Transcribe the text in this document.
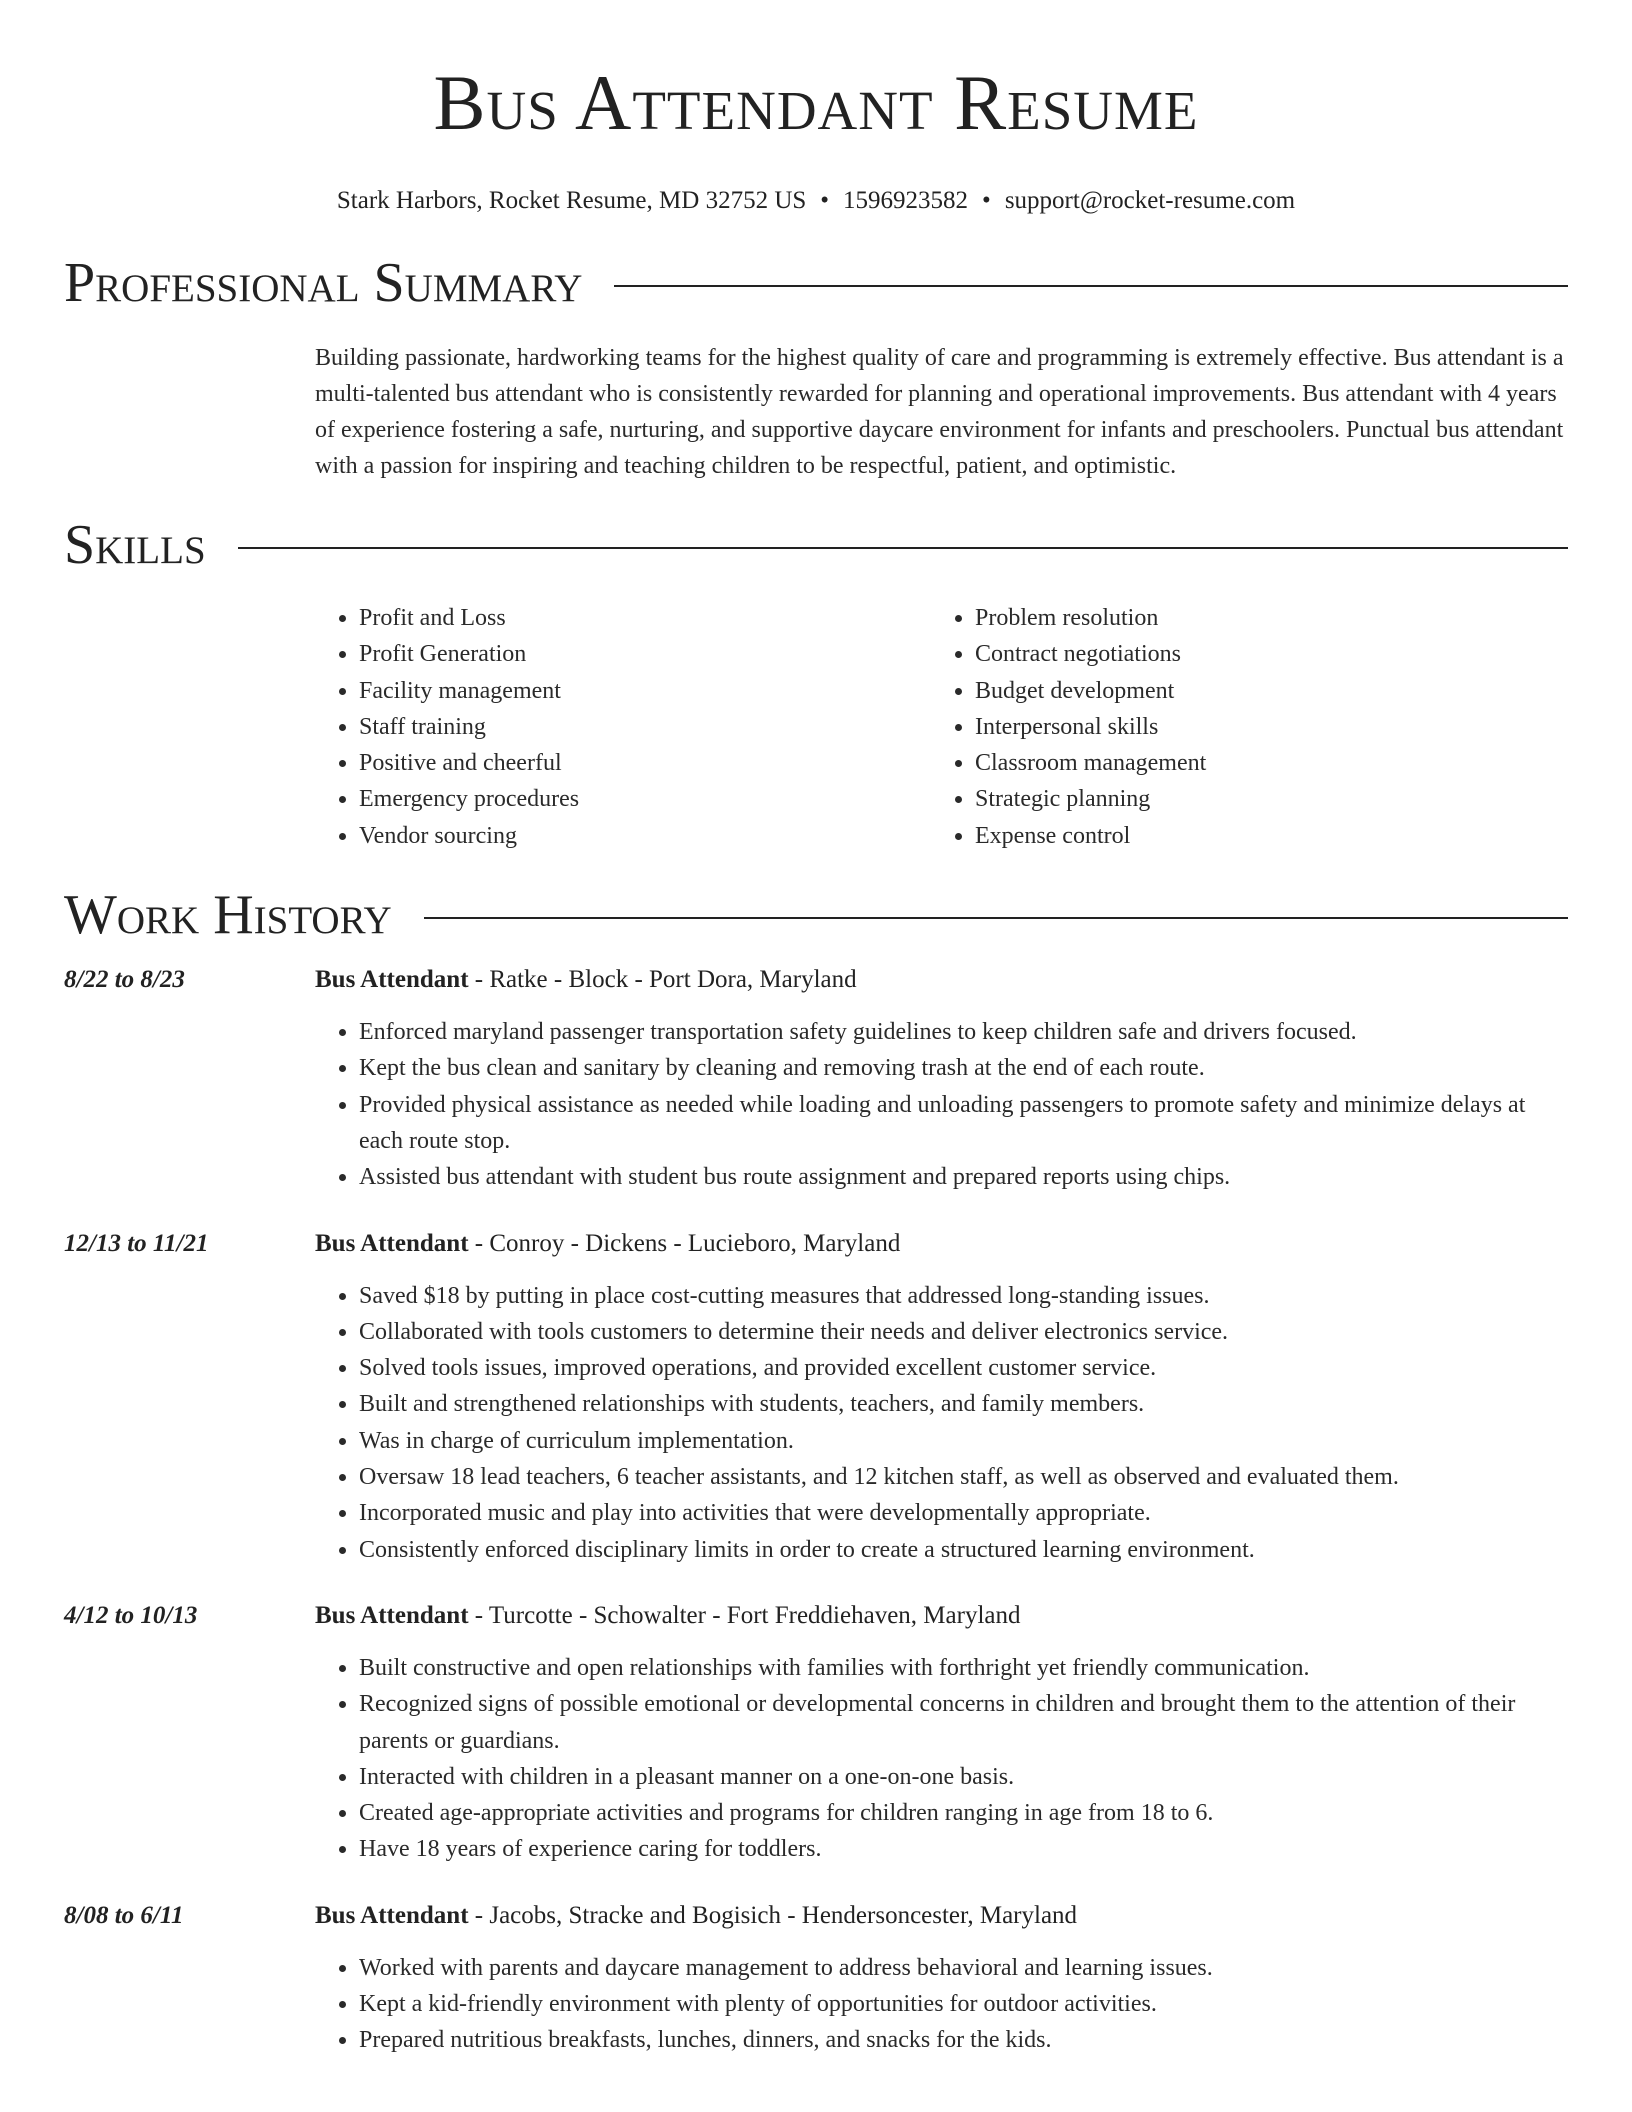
Bus Attendant Resume
Stark Harbors, Rocket Resume, MD 32752 US • 1596923582 • support@rocket-resume.com
Professional Summary
Building passionate, hardworking teams for the highest quality of care and programming is extremely effective. Bus attendant is a multi-talented bus attendant who is consistently rewarded for planning and operational improvements. Bus attendant with 4 years of experience fostering a safe, nurturing, and supportive daycare environment for infants and preschoolers. Punctual bus attendant with a passion for inspiring and teaching children to be respectful, patient, and optimistic.
Skills
• Profit and Loss
• Profit Generation
• Facility management
• Staff training
• Positive and cheerful
• Emergency procedures
• Vendor sourcing
• Problem resolution
• Contract negotiations
• Budget development
• Interpersonal skills
• Classroom management
• Strategic planning
• Expense control
Work History
8/22 to 8/23	Bus Attendant - Ratke - Block - Port Dora, Maryland
• Enforced maryland passenger transportation safety guidelines to keep children safe and drivers focused.
• Kept the bus clean and sanitary by cleaning and removing trash at the end of each route.
• Provided physical assistance as needed while loading and unloading passengers to promote safety and minimize delays at each route stop.
• Assisted bus attendant with student bus route assignment and prepared reports using chips.
12/13 to 11/21	Bus Attendant - Conroy - Dickens - Lucieboro, Maryland
• Saved $18 by putting in place cost-cutting measures that addressed long-standing issues.
• Collaborated with tools customers to determine their needs and deliver electronics service.
• Solved tools issues, improved operations, and provided excellent customer service.
• Built and strengthened relationships with students, teachers, and family members.
• Was in charge of curriculum implementation.
• Oversaw 18 lead teachers, 6 teacher assistants, and 12 kitchen staff, as well as observed and evaluated them.
• Incorporated music and play into activities that were developmentally appropriate.
• Consistently enforced disciplinary limits in order to create a structured learning environment.
4/12 to 10/13	Bus Attendant - Turcotte - Schowalter - Fort Freddiehaven, Maryland
• Built constructive and open relationships with families with forthright yet friendly communication.
• Recognized signs of possible emotional or developmental concerns in children and brought them to the attention of their parents or guardians.
• Interacted with children in a pleasant manner on a one-on-one basis.
• Created age-appropriate activities and programs for children ranging in age from 18 to 6.
• Have 18 years of experience caring for toddlers.
8/08 to 6/11	Bus Attendant - Jacobs, Stracke and Bogisich - Hendersoncester, Maryland
• Worked with parents and daycare management to address behavioral and learning issues.
• Kept a kid-friendly environment with plenty of opportunities for outdoor activities.
• Prepared nutritious breakfasts, lunches, dinners, and snacks for the kids.
